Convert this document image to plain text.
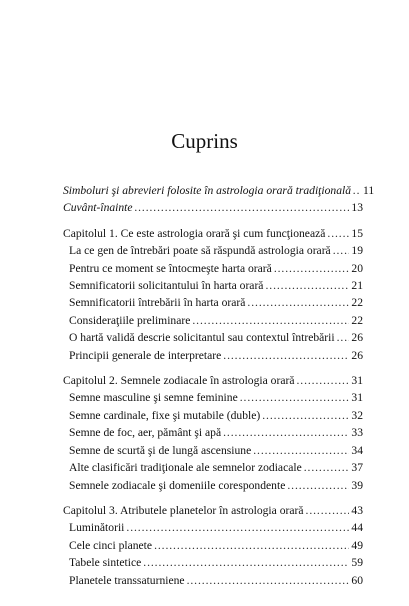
Cuprins
Simboluri şi abrevieri folosite în astrologia orară tradiţională . . . 11
Cuvânt-înainte . . .	13
Capitolul 1. Ce este astrologia orară şi cum funcţionează . . . 15
La ce gen de întrebări poate să răspundă astrologia orară . . . 19
Pentru ce moment se întocmeşte harta orară . . .	20
Semnificatorii solicitantului în harta orară . . .	21
Semnificatorii întrebării în harta orară . . .	22
Consideraţiile preliminare . . .	22
O hartă validă descrie solicitantul sau contextul întrebării . . . 26
Principii generale de interpretare . . .	26
Capitolul 2. Semnele zodiacale în astrologia orară . . .	31
Semne masculine şi semne feminine . . .	31
Semne cardinale, fixe şi mutabile (duble) . . .	32
Semne de foc, aer, pământ şi apă . . .	33
Semne de scurtă şi de lungă ascensiune . . .	34
Alte clasificări tradiţionale ale semnelor zodiacale . . .	37
Semnele zodiacale şi domeniile corespondente . . .	39
Capitolul 3. Atributele planetelor în astrologia orară . . .	43
Luminătorii . . .	44
Cele cinci planete . . .	49
Tabele sintetice . . .	59
Planetele transsaturniene . . .	60
